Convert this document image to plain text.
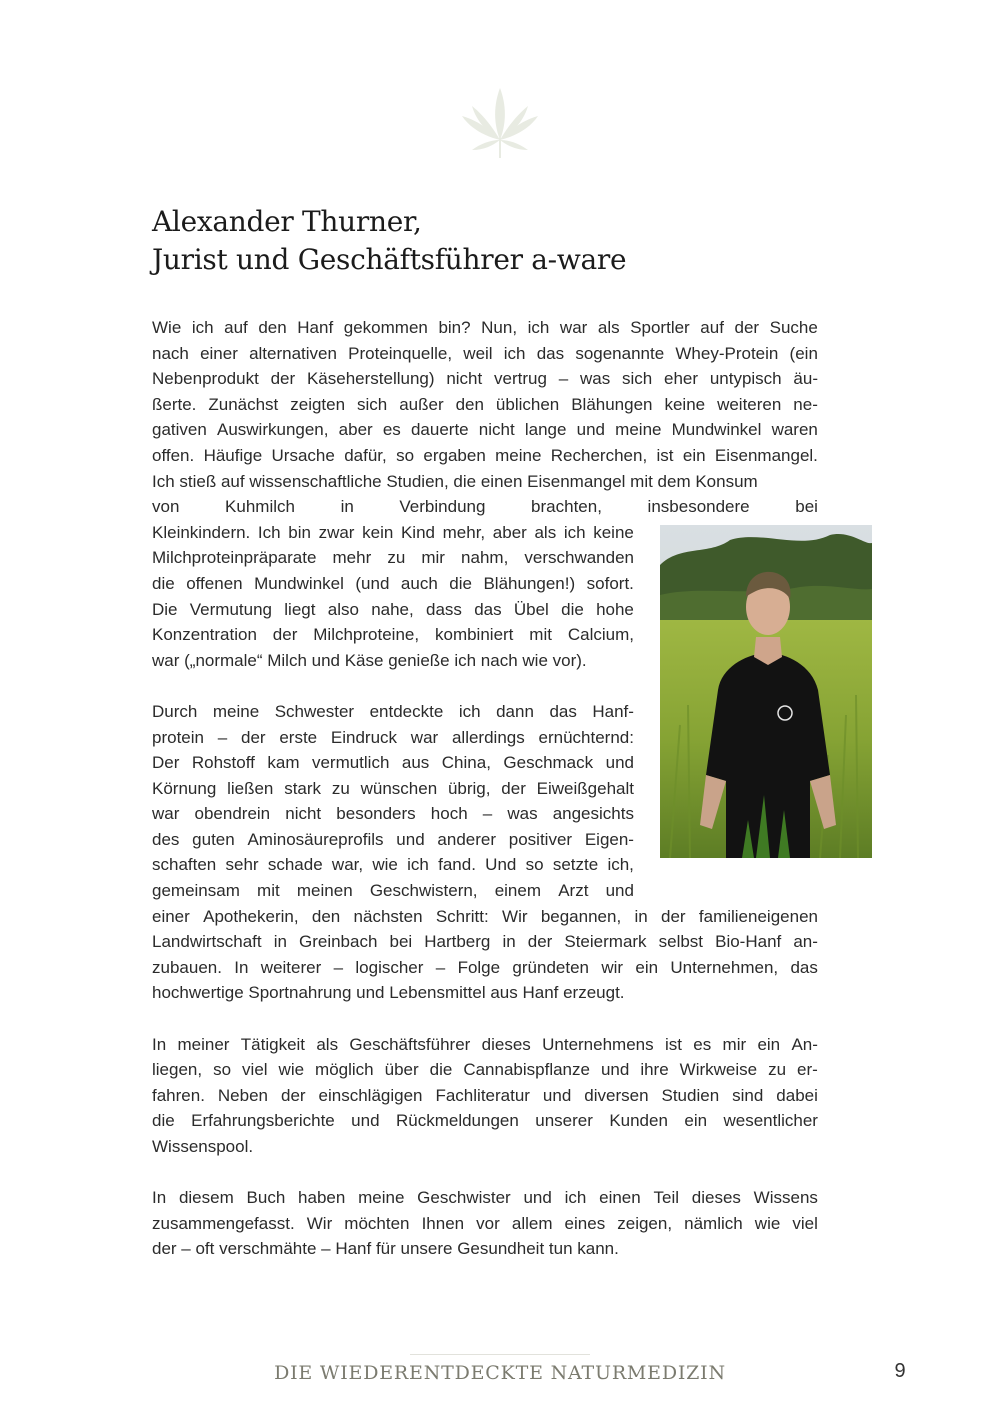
Alexander Thurner,
Jurist und Geschäftsführer a-ware
Wie ich auf den Hanf gekommen bin? Nun, ich war als Sportler auf der Suche
nach einer alternativen Proteinquelle, weil ich das sogenannte Whey-Protein (ein
Nebenprodukt der Käseherstellung) nicht vertrug – was sich eher untypisch äu-
ßerte. Zunächst zeigten sich außer den üblichen Blähungen keine weiteren ne-
gativen Auswirkungen, aber es dauerte nicht lange und meine Mundwinkel waren
offen. Häufige Ursache dafür, so ergaben meine Recherchen, ist ein Eisenmangel.
Ich stieß auf wissenschaftliche Studien, die einen Eisenmangel mit dem Konsum
von	Kuhmilch	in	Verbindung	brachten,	insbesondere	bei
Kleinkindern. Ich bin zwar kein Kind mehr, aber als ich keine
Milchproteinpräparate mehr zu mir nahm, verschwanden
die offenen Mundwinkel (und auch die Blähungen!) sofort.
Die Vermutung liegt also nahe, dass das Übel die hohe
Konzentration der Milchproteine, kombiniert mit Calcium,
war („normale“ Milch und Käse genieße ich nach wie vor).
Durch meine Schwester entdeckte ich dann das Hanf-
protein – der erste Eindruck war allerdings ernüchternd:
Der Rohstoff kam vermutlich aus China, Geschmack und
Körnung ließen stark zu wünschen übrig, der Eiweißgehalt
war obendrein nicht besonders hoch – was angesichts
des guten Aminosäureprofils und anderer positiver Eigen-
schaften sehr schade war, wie ich fand. Und so setzte ich,
gemeinsam mit meinen Geschwistern, einem Arzt und
einer Apothekerin, den nächsten Schritt: Wir begannen, in der familieneigenen
Landwirtschaft in Greinbach bei Hartberg in der Steiermark selbst Bio-Hanf an-
zubauen. In weiterer – logischer – Folge gründeten wir ein Unternehmen, das
hochwertige Sportnahrung und Lebensmittel aus Hanf erzeugt.
In meiner Tätigkeit als Geschäftsführer dieses Unternehmens ist es mir ein An-
liegen, so viel wie möglich über die Cannabispflanze und ihre Wirkweise zu er-
fahren. Neben der einschlägigen Fachliteratur und diversen Studien sind dabei
die Erfahrungsberichte und Rückmeldungen unserer Kunden ein wesentlicher
Wissenspool.
In diesem Buch haben meine Geschwister und ich einen Teil dieses Wissens
zusammengefasst. Wir möchten Ihnen vor allem eines zeigen, nämlich wie viel
der – oft verschmähte – Hanf für unsere Gesundheit tun kann.
DIE WIEDERENTDECKTE NATURMEDIZIN	9
